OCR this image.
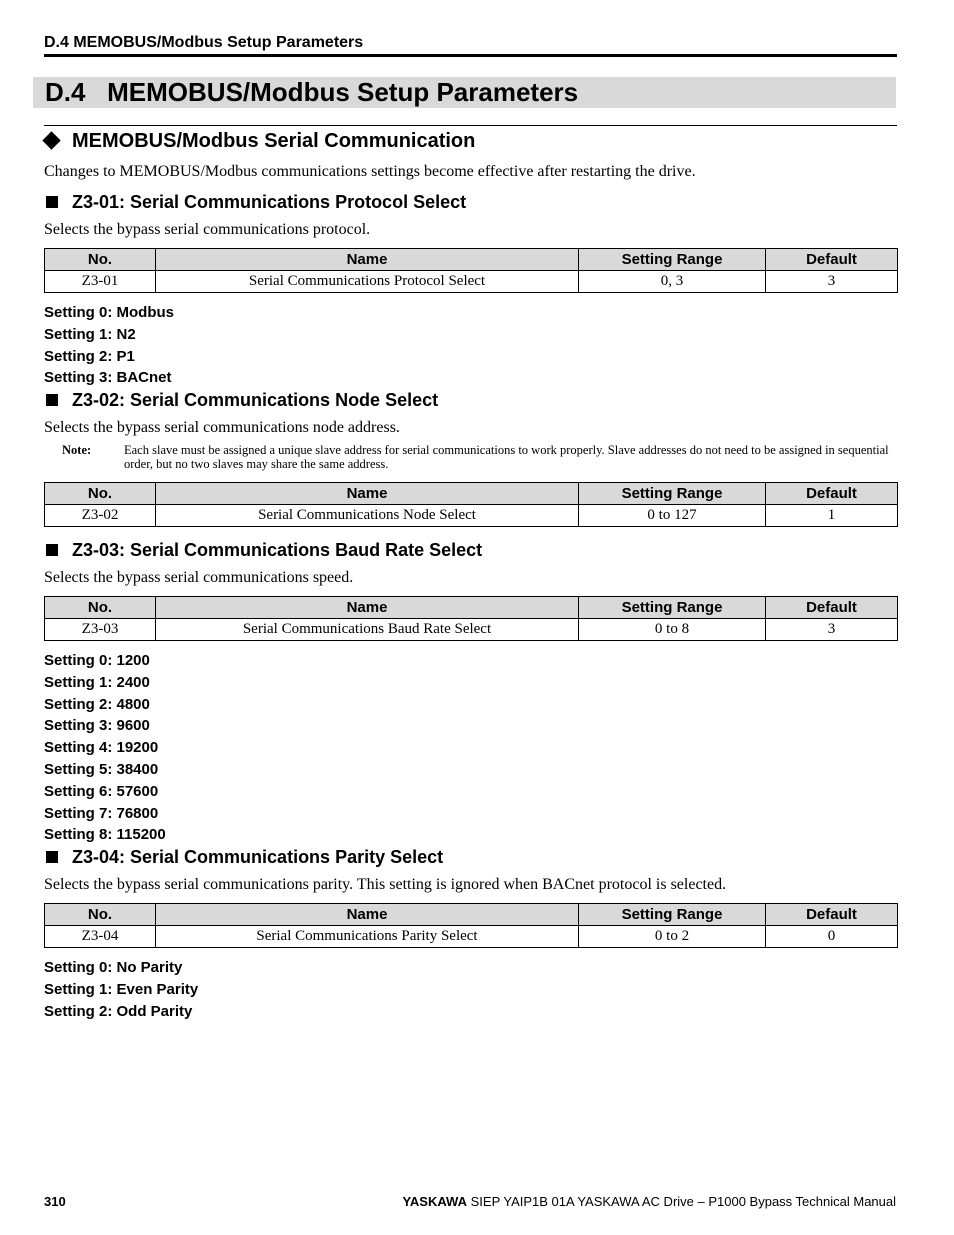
D.4 MEMOBUS/Modbus Setup Parameters
D.4 MEMOBUS/Modbus Setup Parameters
MEMOBUS/Modbus Serial Communication
Changes to MEMOBUS/Modbus communications settings become effective after restarting the drive.
Z3-01: Serial Communications Protocol Select
Selects the bypass serial communications protocol.
No.	Name	Setting Range	Default
Z3-01	Serial Communications Protocol Select	0, 3	3
Setting 0: Modbus
Setting 1: N2
Setting 2: P1
Setting 3: BACnet
Z3-02: Serial Communications Node Select
Selects the bypass serial communications node address.
Note:	Each slave must be assigned a unique slave address for serial communications to work properly. Slave addresses do not need to be assigned in sequential order, but no two slaves may share the same address.
No.	Name	Setting Range	Default
Z3-02	Serial Communications Node Select	0 to 127	1
Z3-03: Serial Communications Baud Rate Select
Selects the bypass serial communications speed.
No.	Name	Setting Range	Default
Z3-03	Serial Communications Baud Rate Select	0 to 8	3
Setting 0: 1200
Setting 1: 2400
Setting 2: 4800
Setting 3: 9600
Setting 4: 19200
Setting 5: 38400
Setting 6: 57600
Setting 7: 76800
Setting 8: 115200
Z3-04: Serial Communications Parity Select
Selects the bypass serial communications parity. This setting is ignored when BACnet protocol is selected.
No.	Name	Setting Range	Default
Z3-04	Serial Communications Parity Select	0 to 2	0
Setting 0: No Parity
Setting 1: Even Parity
Setting 2: Odd Parity
310	YASKAWA SIEP YAIP1B 01A YASKAWA AC Drive – P1000 Bypass Technical Manual
